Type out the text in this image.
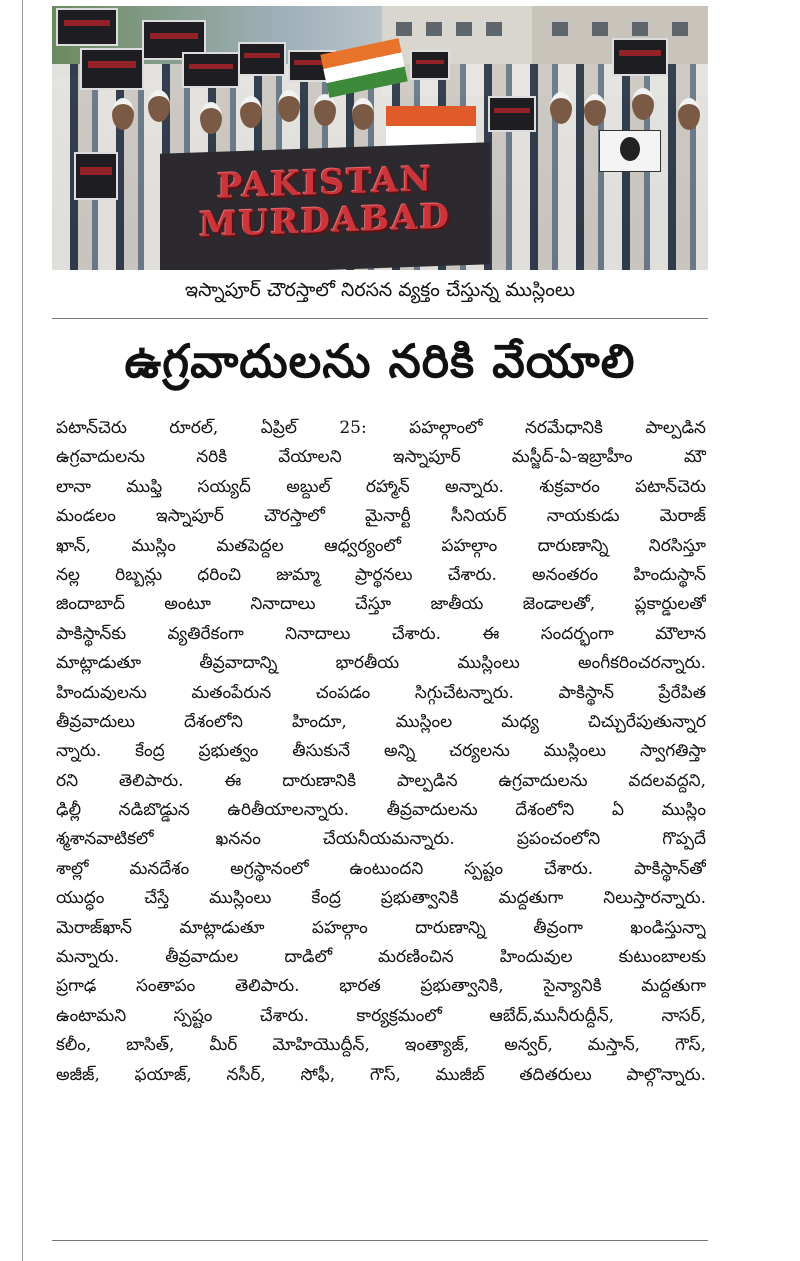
PAKISTAN MURDABAD
ఇస్నాపూర్ చౌరస్తాలో నిరసన వ్యక్తం చేస్తున్న ముస్లింలు
ఉగ్రవాదులను నరికి వేయాలి
పటాన్‌చెరు రూరల్, ఏప్రిల్ 25: పహల్గాంలో నరమేధానికి పాల్పడిన
ఉగ్రవాదులను నరికి వేయాలని ఇస్నాపూర్ మస్జీద్-ఏ-ఇబ్రాహీం మౌ
లానా ముఫ్తి సయ్యద్ అబ్దుల్ రహ్మాన్ అన్నారు. శుక్రవారం పటాన్‌చెరు
మండలం ఇస్నాపూర్ చౌరస్తాలో మైనార్టీ సీనియర్ నాయకుడు మెరాజ్
ఖాన్, ముస్లిం మతపెద్దల ఆధ్వర్యంలో పహల్గాం దారుణాన్ని నిరసిస్తూ
నల్ల రిబ్బన్లు ధరించి జుమ్మా ప్రార్థనలు చేశారు. అనంతరం హిందుస్థాన్
జిందాబాద్ అంటూ నినాదాలు చేస్తూ జాతీయ జెండాలతో, ప్లకార్డులతో
పాకిస్థాన్‌కు వ్యతిరేకంగా నినాదాలు చేశారు. ఈ సందర్భంగా మౌలాన
మాట్లాడుతూ తీవ్రవాదాన్ని భారతీయ ముస్లింలు అంగీకరించరన్నారు.
హిందువులను మతంపేరున చంపడం సిగ్గుచేటన్నారు. పాకిస్థాన్ ప్రేరేపిత
తీవ్రవాదులు దేశంలోని హిందూ, ముస్లింల మధ్య చిచ్చురేపుతున్నార
న్నారు. కేంద్ర ప్రభుత్వం తీసుకునే అన్ని చర్యలను ముస్లింలు స్వాగతిస్తా
రని తెలిపారు. ఈ దారుణానికి పాల్పడిన ఉగ్రవాదులను వదలవద్దని,
ఢిల్లీ నడిబొడ్డున ఉరితీయాలన్నారు. తీవ్రవాదులను దేశంలోని ఏ ముస్లిం
శ్మశానవాటికలో ఖననం చేయనీయమన్నారు. ప్రపంచంలోని గొప్పదే
శాల్లో మనదేశం అగ్రస్థానంలో ఉంటుందని స్పష్టం చేశారు. పాకిస్థాన్‌తో
యుద్ధం చేస్తే ముస్లింలు కేంద్ర ప్రభుత్వానికి మద్దతుగా నిలుస్తారన్నారు.
మెరాజ్‌ఖాన్ మాట్లాడుతూ పహల్గాం దారుణాన్ని తీవ్రంగా ఖండిస్తున్నా
మన్నారు. తీవ్రవాదుల దాడిలో మరణించిన హిందువుల కుటుంబాలకు
ప్రగాఢ సంతాపం తెలిపారు. భారత ప్రభుత్వానికి, సైన్యానికి మద్దతుగా
ఉంటామని స్పష్టం చేశారు. కార్యక్రమంలో ఆబేద్,మునీరుద్దీన్, నాసర్,
కలీం, బాసిత్, మీర్ మోహియొద్దీన్, ఇంత్యాజ్, అన్వర్, మస్తాన్, గౌస్,
అజీజ్, ఫయాజ్, నసీర్, సోఫీ, గౌస్, ముజీబ్ తదితరులు పాల్గొన్నారు.
